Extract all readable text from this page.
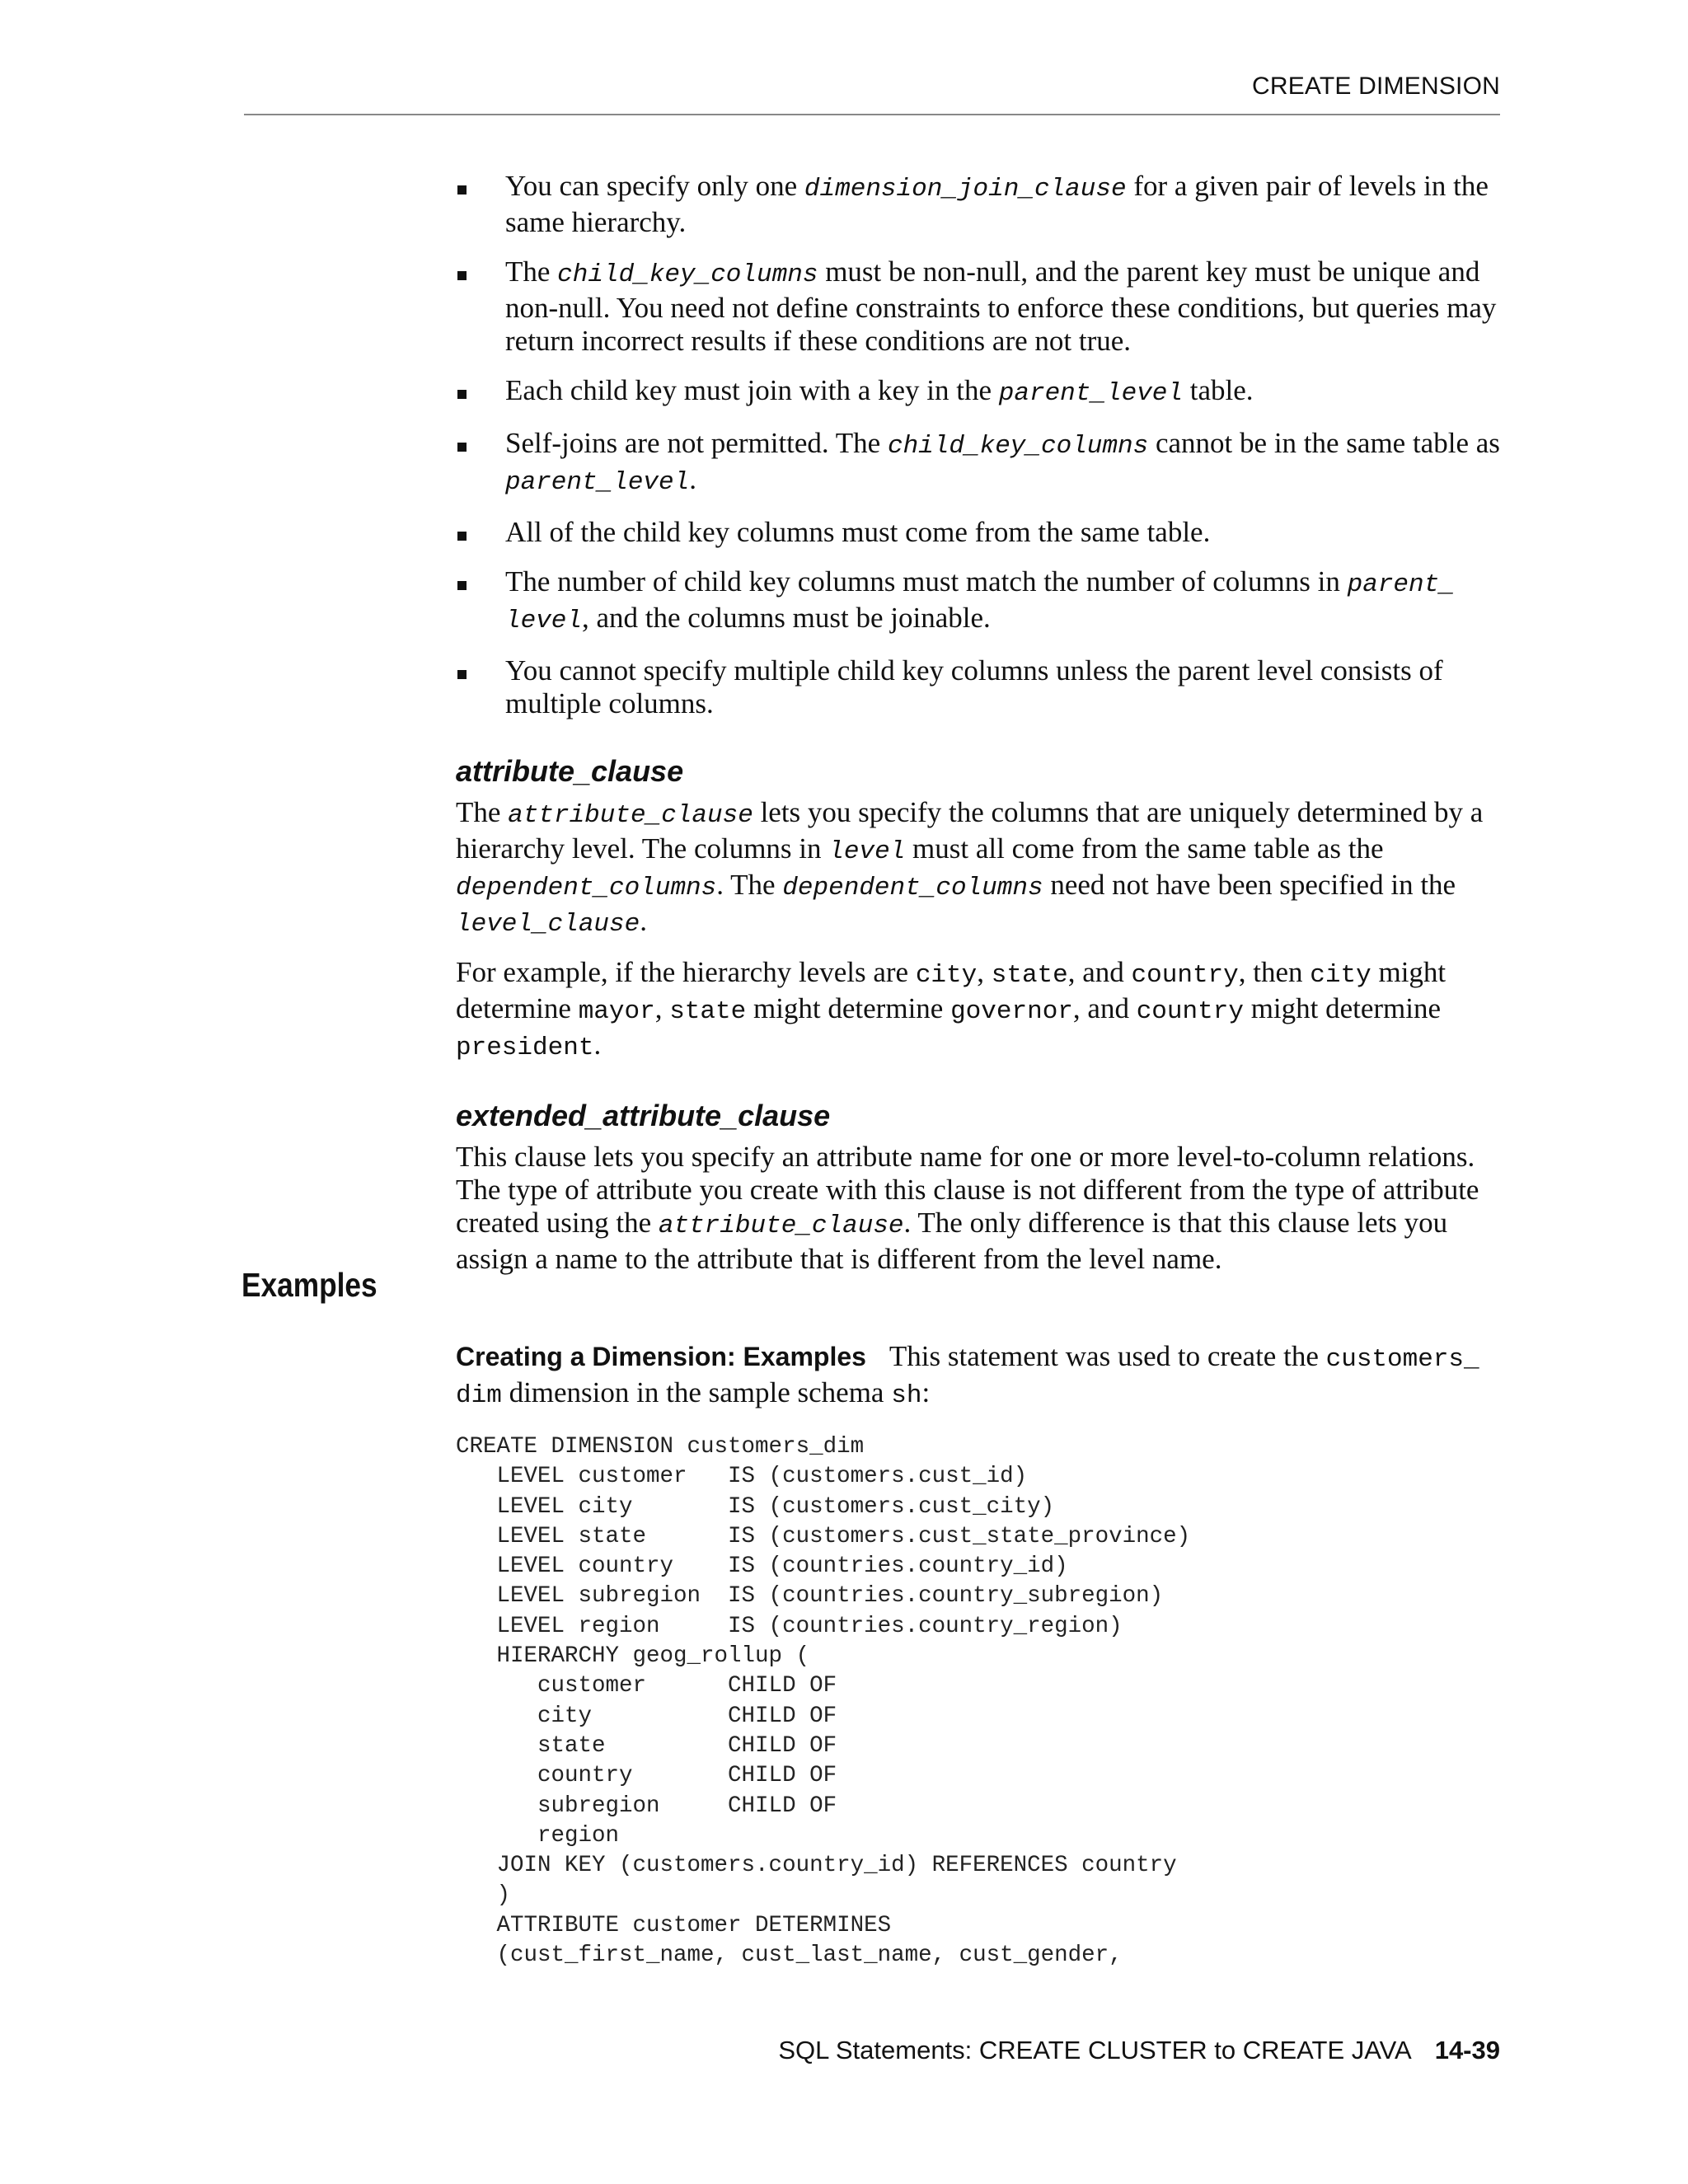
CREATE DIMENSION
You can specify only one dimension_join_clause for a given pair of levels in the same hierarchy.
The child_key_columns must be non-null, and the parent key must be unique and non-null. You need not define constraints to enforce these conditions, but queries may return incorrect results if these conditions are not true.
Each child key must join with a key in the parent_level table.
Self-joins are not permitted. The child_key_columns cannot be in the same table as parent_level.
All of the child key columns must come from the same table.
The number of child key columns must match the number of columns in parent_ level, and the columns must be joinable.
You cannot specify multiple child key columns unless the parent level consists of multiple columns.
attribute_clause

The attribute_clause lets you specify the columns that are uniquely determined by a hierarchy level. The columns in level must all come from the same table as the dependent_columns. The dependent_columns need not have been specified in the level_clause.

For example, if the hierarchy levels are city, state, and country, then city might determine mayor, state might determine governor, and country might determine president.

extended_attribute_clause

This clause lets you specify an attribute name for one or more level-to-column relations. The type of attribute you create with this clause is not different from the type of attribute created using the attribute_clause. The only difference is that this clause lets you assign a name to the attribute that is different from the level name.

Examples
Creating a Dimension: Examples This statement was used to create the customers_ dim dimension in the sample schema sh:
CREATE DIMENSION customers_dim
LEVEL customer   IS (customers.cust_id)
LEVEL city       IS (customers.cust_city)
LEVEL state      IS (customers.cust_state_province)
LEVEL country    IS (countries.country_id)
LEVEL subregion  IS (countries.country_subregion)
LEVEL region     IS (countries.country_region)
HIERARCHY geog_rollup (
customer      CHILD OF
city          CHILD OF
state         CHILD OF
country       CHILD OF
subregion     CHILD OF
region
JOIN KEY (customers.country_id) REFERENCES country
)
ATTRIBUTE customer DETERMINES
(cust_first_name, cust_last_name, cust_gender,
SQL Statements: CREATE CLUSTER to CREATE JAVA 14-39
